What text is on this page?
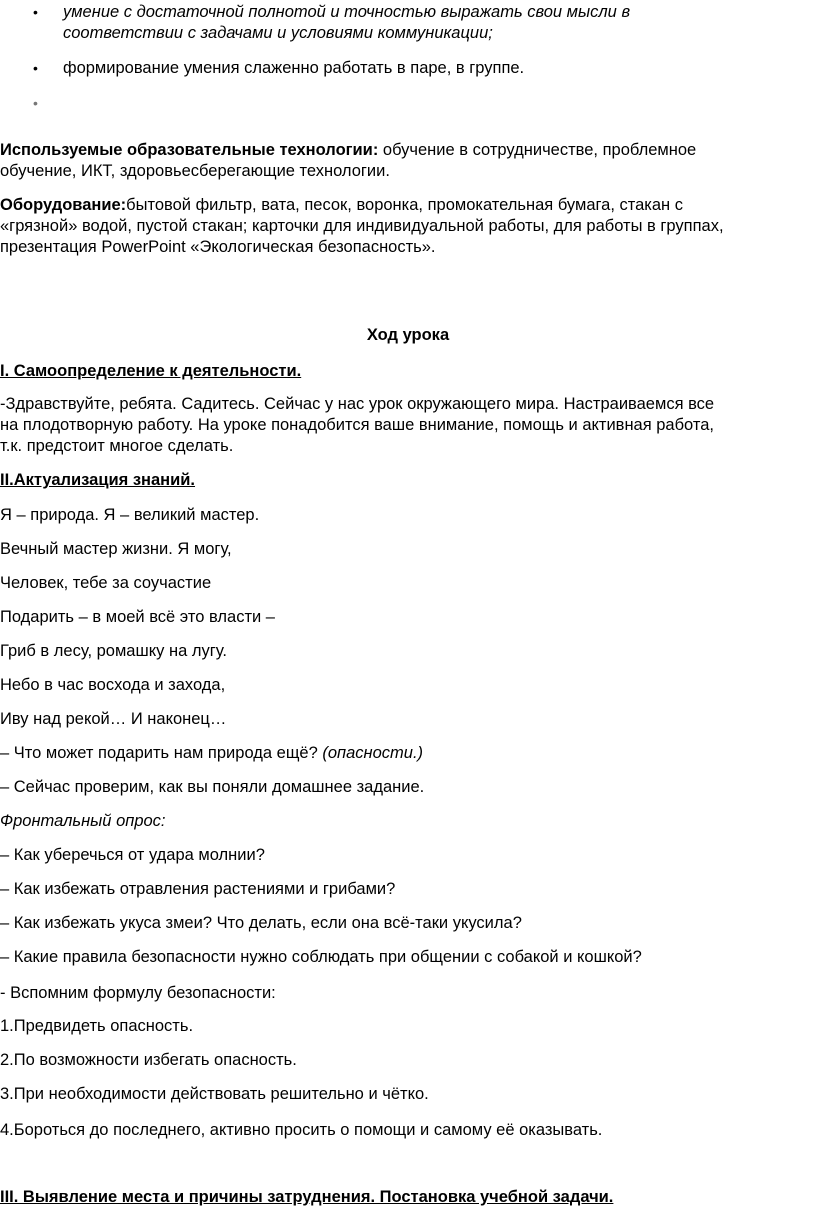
• умение с достаточной полнотой и точностью выражать свои мысли в
соответствии с задачами и условиями коммуникации;
• формирование умения слаженно работать в паре, в группе.
•
Используемые образовательные технологии: обучение в сотрудничестве, проблемное
обучение, ИКТ, здоровьесберегающие технологии.
Оборудование:бытовой фильтр, вата, песок, воронка, промокательная бумага, стакан с
«грязной» водой, пустой стакан; карточки для индивидуальной работы, для работы в группах,
презентация PowerPoint «Экологическая безопасность».
Ход урока
I. Самоопределение к деятельности.
-Здравствуйте, ребята. Садитесь. Сейчас у нас урок окружающего мира. Настраиваемся все
на плодотворную работу. На уроке понадобится ваше внимание, помощь и активная работа,
т.к. предстоит многое сделать.
II.Актуализация знаний.
Я – природа. Я – великий мастер.
Вечный мастер жизни. Я могу,
Человек, тебе за соучастие
Подарить – в моей всё это власти –
Гриб в лесу, ромашку на лугу.
Небо в час восхода и захода,
Иву над рекой… И наконец…
– Что может подарить нам природа ещё? (опасности.)
– Сейчас проверим, как вы поняли домашнее задание.
Фронтальный опрос:
– Как уберечься от удара молнии?
– Как избежать отравления растениями и грибами?
– Как избежать укуса змеи? Что делать, если она всё-таки укусила?
– Какие правила безопасности нужно соблюдать при общении с собакой и кошкой?
- Вспомним формулу безопасности:
1.Предвидеть опасность.
2.По возможности избегать опасность.
3.При необходимости действовать решительно и чётко.
4.Бороться до последнего, активно просить о помощи и самому её оказывать.
III. Выявление места и причины затруднения. Постановка учебной задачи.
